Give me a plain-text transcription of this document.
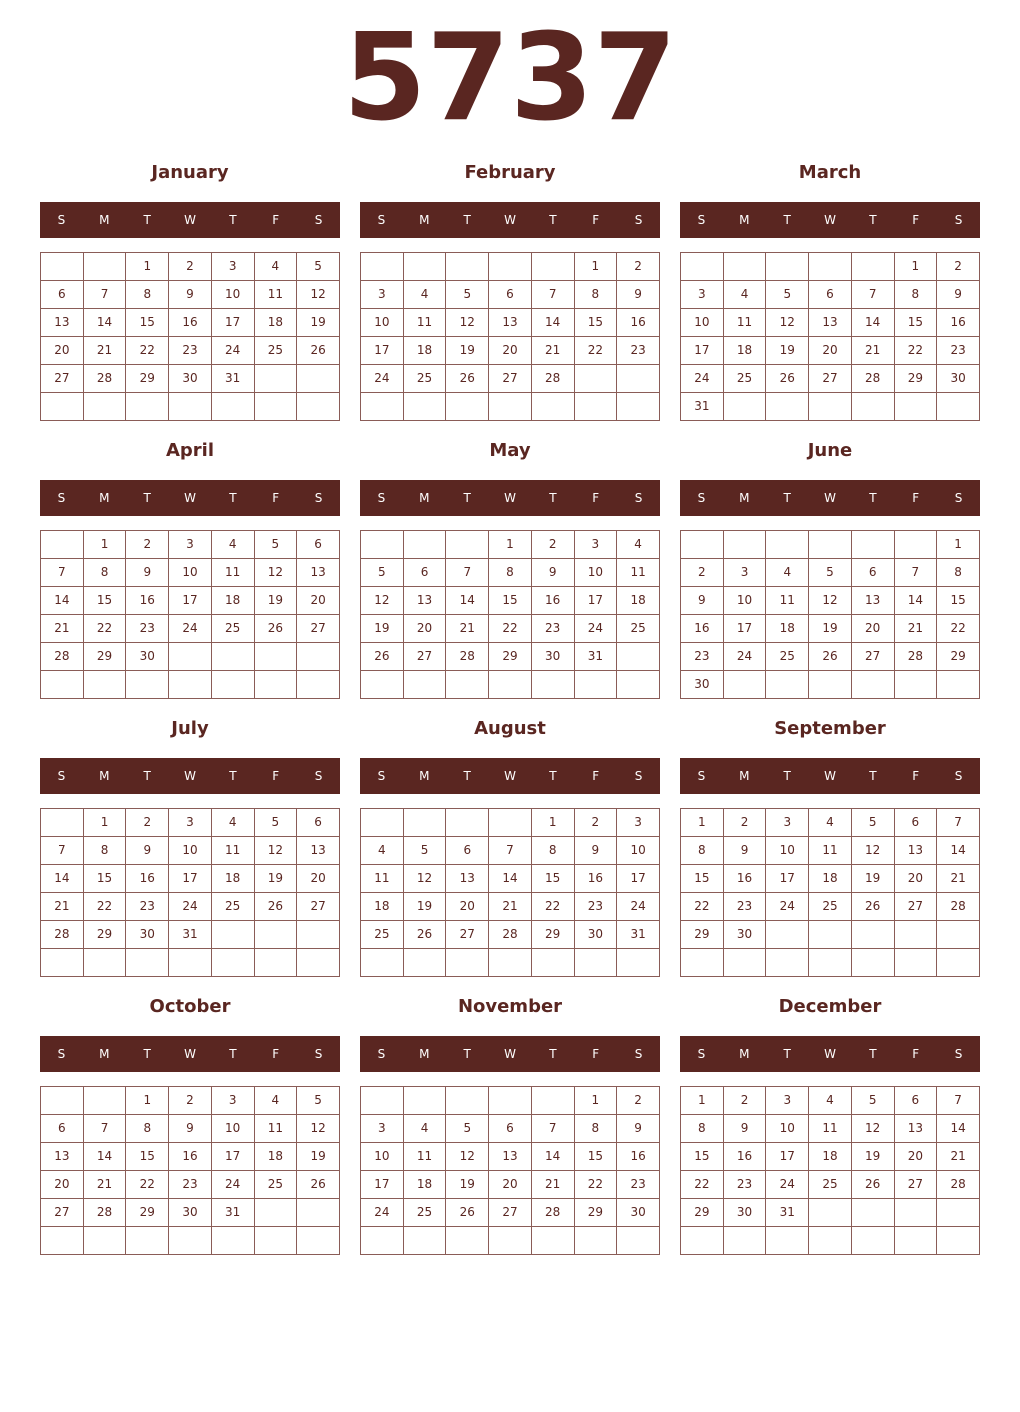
5737
January
S	M	T	W	T	F	S
		1	2	3	4	5
6	7	8	9	10	11	12
13	14	15	16	17	18	19
20	21	22	23	24	25	26
27	28	29	30	31		

February
S	M	T	W	T	F	S
					1	2
3	4	5	6	7	8	9
10	11	12	13	14	15	16
17	18	19	20	21	22	23
24	25	26	27	28		

March
S	M	T	W	T	F	S
					1	2
3	4	5	6	7	8	9
10	11	12	13	14	15	16
17	18	19	20	21	22	23
24	25	26	27	28	29	30
31						
April
S	M	T	W	T	F	S
	1	2	3	4	5	6
7	8	9	10	11	12	13
14	15	16	17	18	19	20
21	22	23	24	25	26	27
28	29	30				

May
S	M	T	W	T	F	S
			1	2	3	4
5	6	7	8	9	10	11
12	13	14	15	16	17	18
19	20	21	22	23	24	25
26	27	28	29	30	31	

June
S	M	T	W	T	F	S
						1
2	3	4	5	6	7	8
9	10	11	12	13	14	15
16	17	18	19	20	21	22
23	24	25	26	27	28	29
30						
July
S	M	T	W	T	F	S
	1	2	3	4	5	6
7	8	9	10	11	12	13
14	15	16	17	18	19	20
21	22	23	24	25	26	27
28	29	30	31			

August
S	M	T	W	T	F	S
				1	2	3
4	5	6	7	8	9	10
11	12	13	14	15	16	17
18	19	20	21	22	23	24
25	26	27	28	29	30	31

September
S	M	T	W	T	F	S
1	2	3	4	5	6	7
8	9	10	11	12	13	14
15	16	17	18	19	20	21
22	23	24	25	26	27	28
29	30					

October
S	M	T	W	T	F	S
		1	2	3	4	5
6	7	8	9	10	11	12
13	14	15	16	17	18	19
20	21	22	23	24	25	26
27	28	29	30	31		

November
S	M	T	W	T	F	S
					1	2
3	4	5	6	7	8	9
10	11	12	13	14	15	16
17	18	19	20	21	22	23
24	25	26	27	28	29	30

December
S	M	T	W	T	F	S
1	2	3	4	5	6	7
8	9	10	11	12	13	14
15	16	17	18	19	20	21
22	23	24	25	26	27	28
29	30	31				
